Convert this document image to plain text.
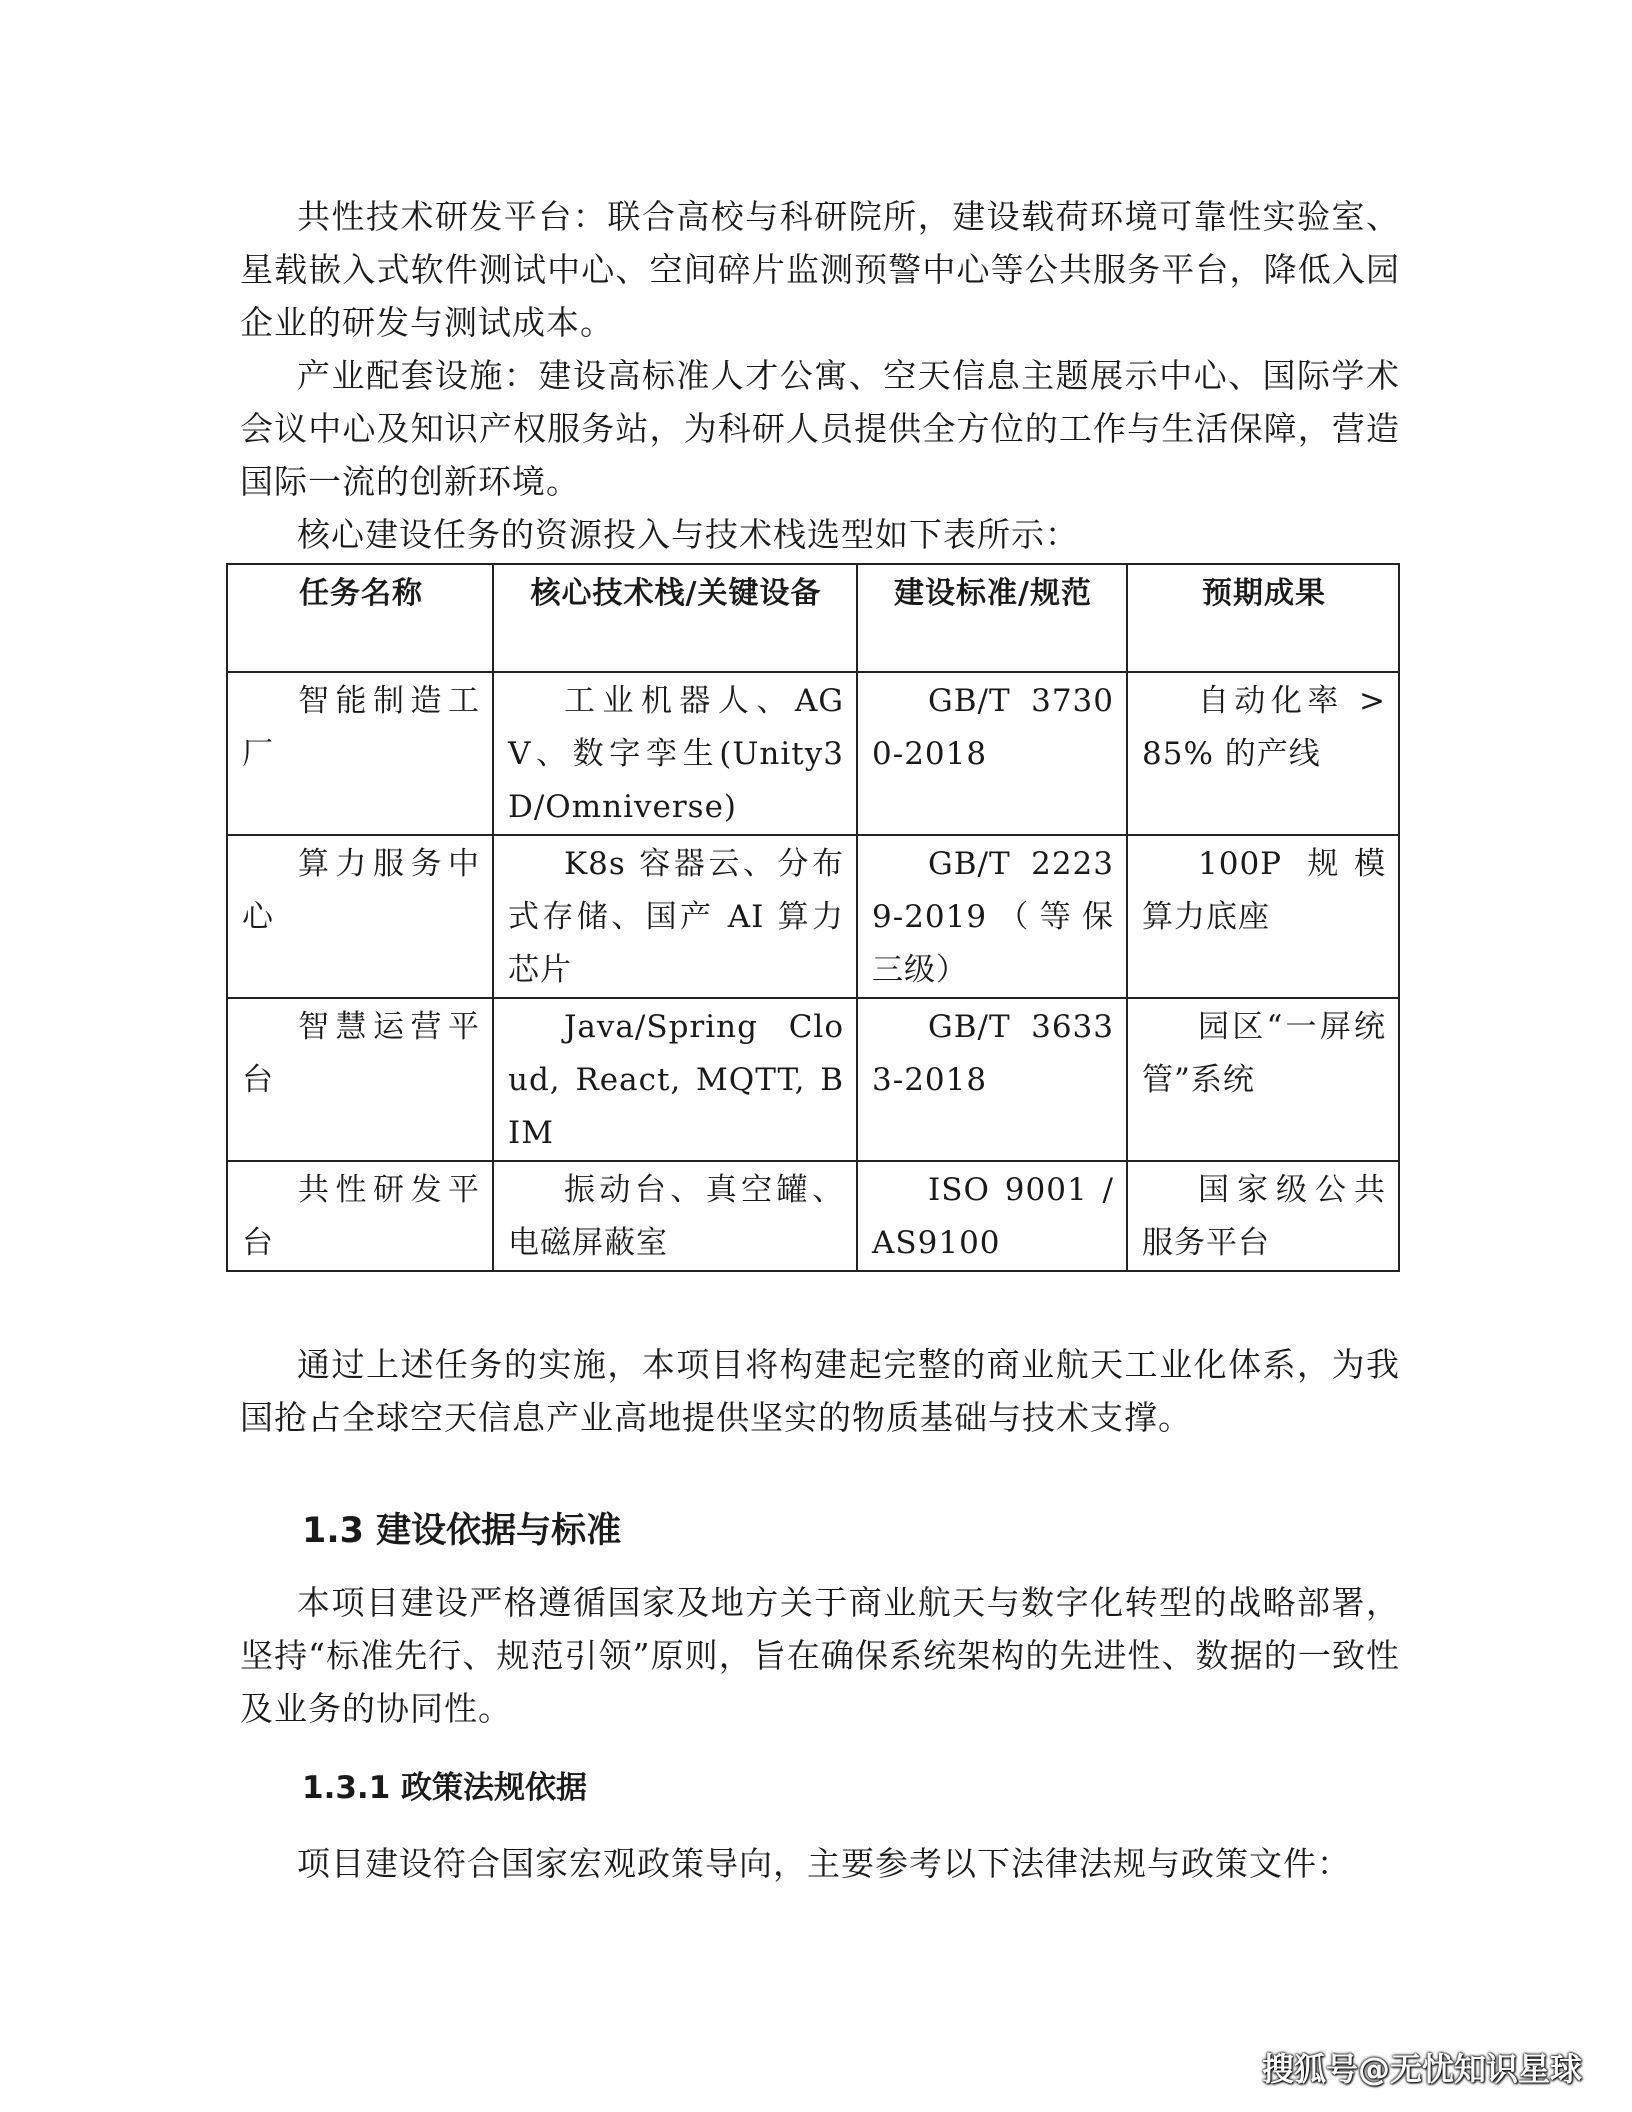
共性技术研发平台：联合高校与科研院所，建设载荷环境可靠性实验室、星载嵌入式软件测试中心、空间碎片监测预警中心等公共服务平台，降低入园企业的研发与测试成本。

产业配套设施：建设高标准人才公寓、空天信息主题展示中心、国际学术会议中心及知识产权服务站，为科研人员提供全方位的工作与生活保障，营造国际一流的创新环境。

核心建设任务的资源投入与技术栈选型如下表所示：

任务名称	核心技术栈/关键设备	建设标准/规范	预期成果

智能制造工厂	工业机器人、AGV、数字孪生(Unity3D/Omniverse)	GB/T 37300-2018	自动化率 > 85% 的产线

算力服务中心	K8s 容器云、分布式存储、国产 AI 算力芯片	GB/T 22239-2019（等保三级）	100P 规模算力底座

智慧运营平台	Java/Spring Cloud, React, MQTT, BIM	GB/T 36333-2018	园区“一屏统管”系统

共性研发平台	振动台、真空罐、电磁屏蔽室	ISO 9001 / AS9100	国家级公共服务平台

通过上述任务的实施，本项目将构建起完整的商业航天工业化体系，为我国抢占全球空天信息产业高地提供坚实的物质基础与技术支撑。

1.3 建设依据与标准

本项目建设严格遵循国家及地方关于商业航天与数字化转型的战略部署，坚持“标准先行、规范引领”原则，旨在确保系统架构的先进性、数据的一致性及业务的协同性。

1.3.1 政策法规依据

项目建设符合国家宏观政策导向，主要参考以下法律法规与政策文件：

搜狐号@无忧知识星球
